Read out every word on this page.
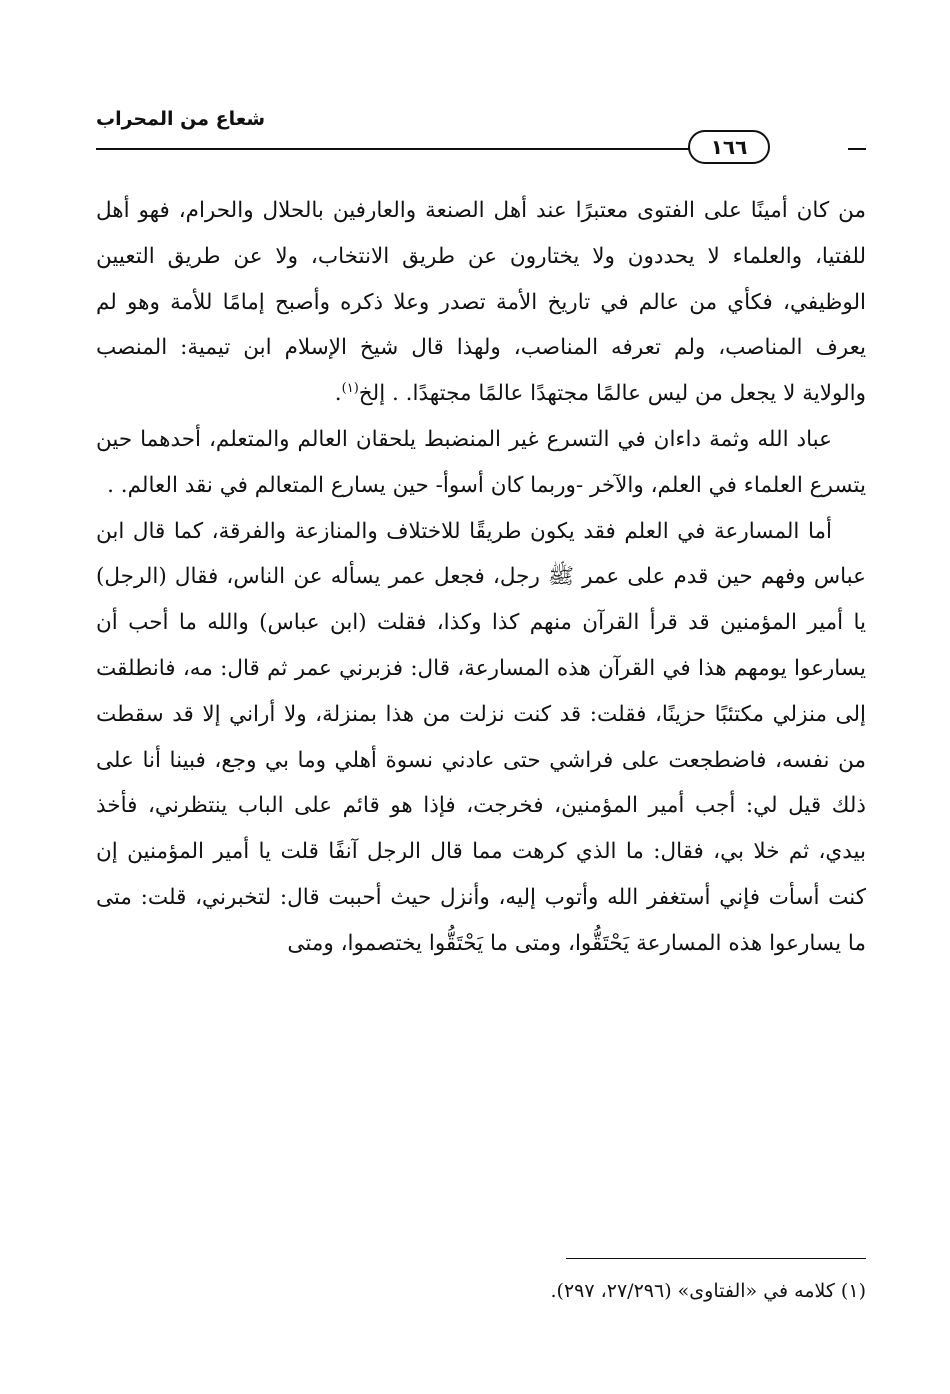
شعاع من المحراب
١٦٦

من كان أمينًا على الفتوى معتبرًا عند أهل الصنعة والعارفين بالحلال والحرام، فهو أهل للفتيا، والعلماء لا يحددون ولا يختارون عن طريق الانتخاب، ولا عن طريق التعيين الوظيفي، فكأي من عالم في تاريخ الأمة تصدر وعلا ذكره وأصبح إمامًا للأمة وهو لم يعرف المناصب، ولم تعرفه المناصب، ولهذا قال شيخ الإسلام ابن تيمية: المنصب والولاية لا يجعل من ليس عالمًا مجتهدًا عالمًا مجتهدًا. . إلخ$^{(١)}$.

عباد الله وثمة داءان في التسرع غير المنضبط يلحقان العالم والمتعلم، أحدهما حين يتسرع العلماء في العلم، والآخر -وربما كان أسوأ- حين يسارع المتعالم في نقد العالم. .

أما المسارعة في العلم فقد يكون طريقًا للاختلاف والمنازعة والفرقة، كما قال ابن عباس وفهم حين قدم على عمر ﷺ رجل، فجعل عمر يسأله عن الناس، فقال (الرجل) يا أمير المؤمنين قد قرأ القرآن منهم كذا وكذا، فقلت (ابن عباس) والله ما أحب أن يسارعوا يومهم هذا في القرآن هذه المسارعة، قال: فزبرني عمر ثم قال: مه، فانطلقت إلى منزلي مكتئبًا حزينًا، فقلت: قد كنت نزلت من هذا بمنزلة، ولا أراني إلا قد سقطت من نفسه، فاضطجعت على فراشي حتى عادني نسوة أهلي وما بي وجع، فبينا أنا على ذلك قيل لي: أجب أمير المؤمنين، فخرجت، فإذا هو قائم على الباب ينتظرني، فأخذ بيدي، ثم خلا بي، فقال: ما الذي كرهت مما قال الرجل آنفًا قلت يا أمير المؤمنين إن كنت أسأت فإني أستغفر الله وأتوب إليه، وأنزل حيث أحببت قال: لتخبرني، قلت: متى ما يسارعوا هذه المسارعة يَحْتَقُّوا، ومتى ما يَحْتَقُّوا يختصموا، ومتى

(١) كلامه في «الفتاوى» (٢٧/٢٩٦، ٢٩٧).
